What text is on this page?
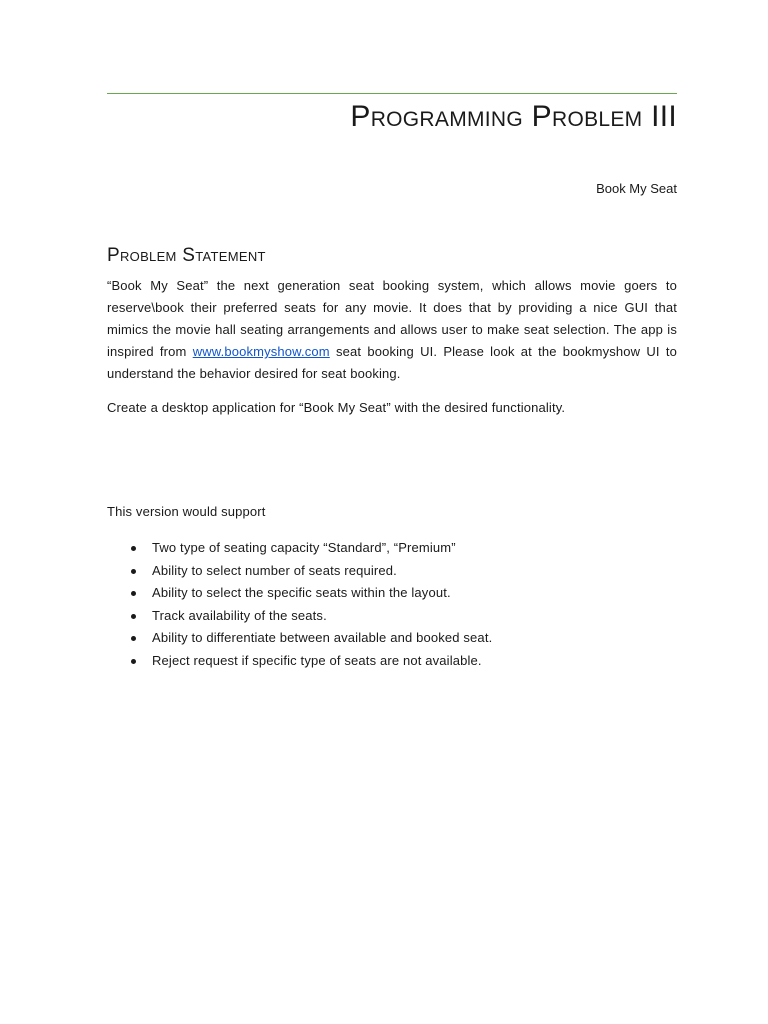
Programming Problem III

Book My Seat

Problem Statement

“Book My Seat” the next generation seat booking system, which allows movie goers to reserve\book their preferred seats for any movie. It does that by providing a nice GUI that mimics the movie hall seating arrangements and allows user to make seat selection. The app is inspired from www.bookmyshow.com seat booking UI. Please look at the bookmyshow UI to understand the behavior desired for seat booking.

Create a desktop application for “Book My Seat” with the desired functionality.

This version would support

Two type of seating capacity “Standard”, “Premium”
Ability to select number of seats required.
Ability to select the specific seats within the layout.
Track availability of the seats.
Ability to differentiate between available and booked seat.
Reject request if specific type of seats are not available.
